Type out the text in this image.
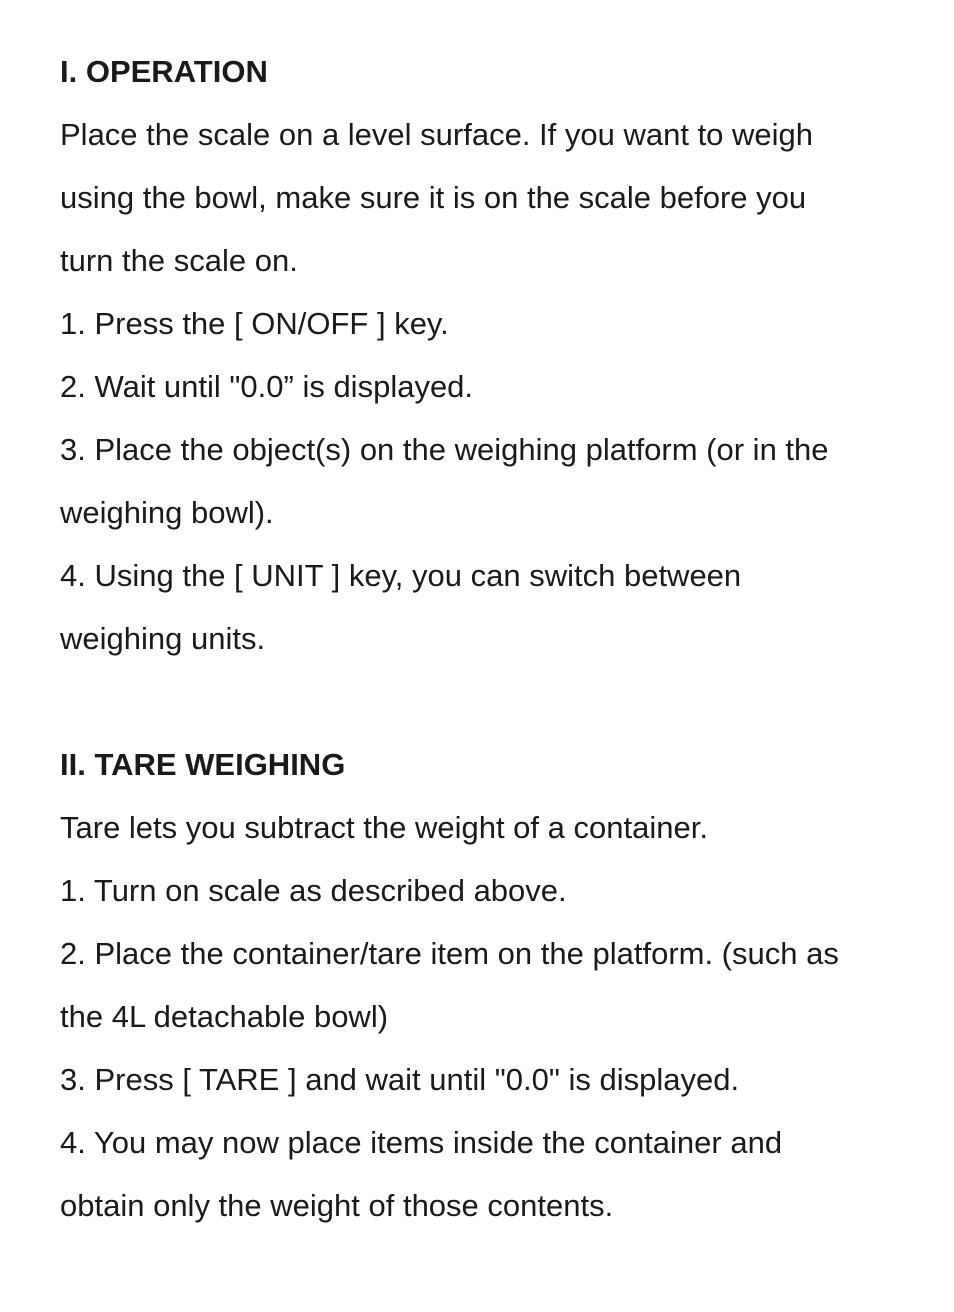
I. OPERATION
Place the scale on a level surface. If you want to weigh
using the bowl, make sure it is on the scale before you
turn the scale on.
1. Press the [ ON/OFF ] key.
2. Wait until "0.0” is displayed.
3. Place the object(s) on the weighing platform (or in the
weighing bowl).
4. Using the [ UNIT ] key, you can switch between
weighing units.
II. TARE WEIGHING
Tare lets you subtract the weight of a container.
1. Turn on scale as described above.
2. Place the container/tare item on the platform. (such as
the 4L detachable bowl)
3. Press [ TARE ] and wait until "0.0" is displayed.
4. You may now place items inside the container and
obtain only the weight of those contents.
